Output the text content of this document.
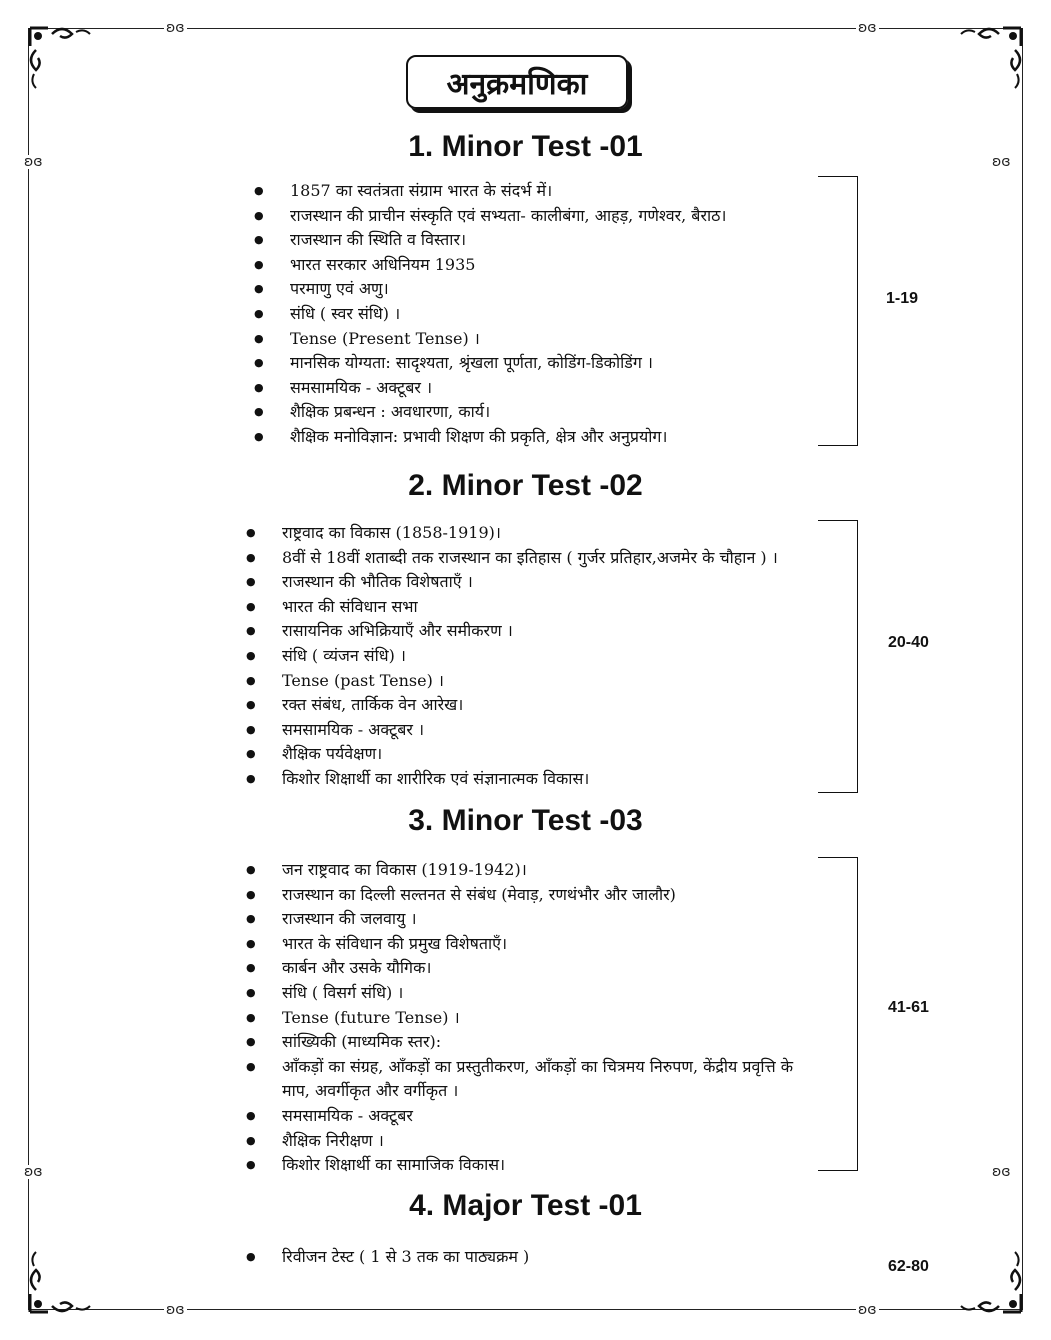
ʚɞ	ʚɞ
ʚɞ	ʚɞ
ʚɞ	ʚɞ
ʚɞ	ʚɞ
अनुक्रमणिका
1. Minor Test -01
● 1857 का स्वतंत्रता संग्राम भारत के संदर्भ में।
● राजस्थान की प्राचीन संस्कृति एवं सभ्यता- कालीबंगा, आहड़, गणेश्वर, बैराठ।
● राजस्थान की स्थिति व विस्तार।
● भारत सरकार अधिनियम 1935
● परमाणु एवं अणु।
● संधि ( स्वर संधि) ।
● Tense (Present Tense) ।
● मानसिक योग्यता: सादृश्यता, श्रृंखला पूर्णता, कोडिंग-डिकोडिंग ।
● समसामयिक - अक्टूबर ।
● शैक्षिक प्रबन्धन : अवधारणा, कार्य।
● शैक्षिक मनोविज्ञान: प्रभावी शिक्षण की प्रकृति, क्षेत्र और अनुप्रयोग।
1-19
2. Minor Test -02
● राष्ट्रवाद का विकास (1858-1919)।
● 8वीं से 18वीं शताब्दी तक राजस्थान का इतिहास ( गुर्जर प्रतिहार,अजमेर के चौहान ) ।
● राजस्थान की भौतिक विशेषताएँ ।
● भारत की संविधान सभा
● रासायनिक अभिक्रियाएँ और समीकरण ।
● संधि ( व्यंजन संधि) ।
● Tense (past Tense) ।
● रक्त संबंध, तार्किक वेन आरेख।
● समसामयिक - अक्टूबर ।
● शैक्षिक पर्यवेक्षण।
● किशोर शिक्षार्थी का शारीरिक एवं संज्ञानात्मक विकास।
20-40
3. Minor Test -03
● जन राष्ट्रवाद का विकास (1919-1942)।
● राजस्थान का दिल्ली सल्तनत से संबंध (मेवाड़, रणथंभौर और जालौर)
● राजस्थान की जलवायु ।
● भारत के संविधान की प्रमुख विशेषताएँ।
● कार्बन और उसके यौगिक।
● संधि ( विसर्ग संधि) ।
● Tense (future Tense) ।
● सांख्यिकी (माध्यमिक स्तर):
● आँकड़ों का संग्रह, आँकड़ों का प्रस्तुतीकरण, आँकड़ों का चित्रमय निरुपण, केंद्रीय प्रवृत्ति के माप, अवर्गीकृत और वर्गीकृत ।
● समसामयिक - अक्टूबर
● शैक्षिक निरीक्षण ।
● किशोर शिक्षार्थी का सामाजिक विकास।
41-61
4. Major Test -01
● रिवीजन टेस्ट ( 1 से 3 तक का पाठ्यक्रम )
62-80
